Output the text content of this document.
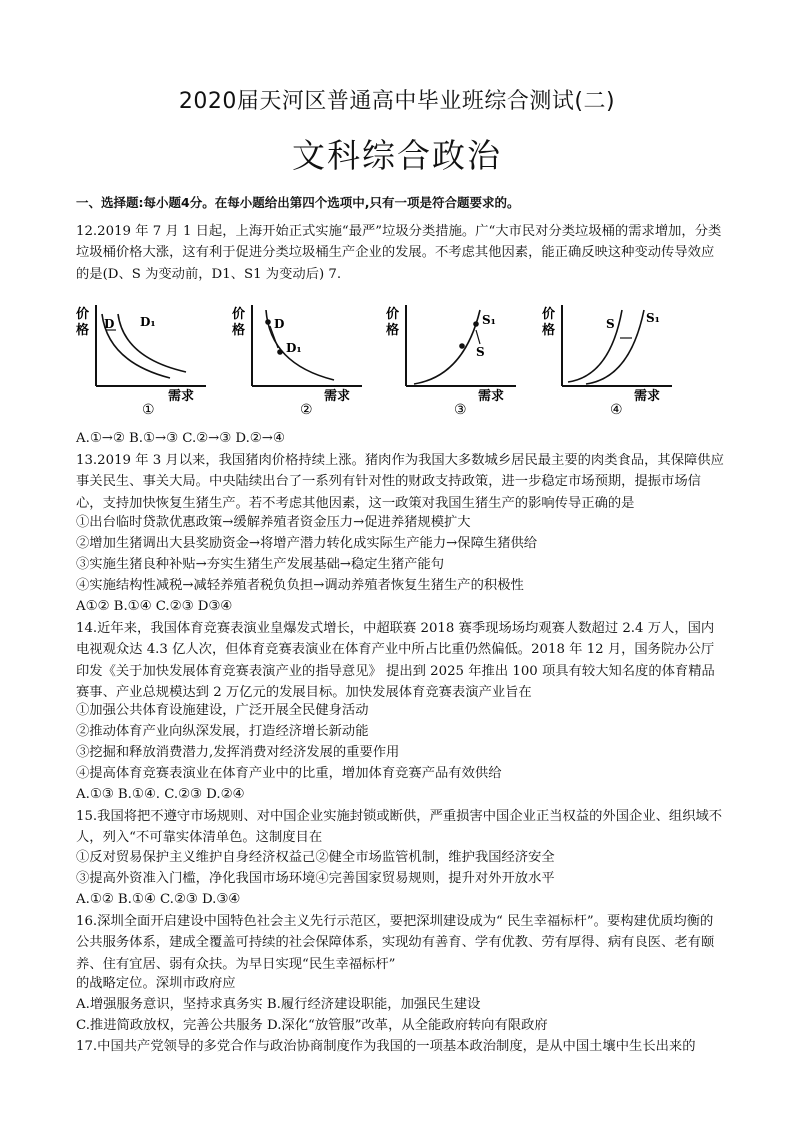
2020届天河区普通高中毕业班综合测试(二)
文科综合政治
一、选择题:每小题4分。在每小题给出第四个选项中,只有一项是符合题要求的。
12.2019 年 7 月 1 日起，上海开始正式实施“最严”垃圾分类措施。广“大市民对分类垃圾桶的需求增加，分类垃圾桶价格大涨，这有利于促进分类垃圾桶生产企业的发展。不考虑其他因素，能正确反映这种变动传导效应的是(D、S 为变动前，D1、S1 为变动后) 7.
价
格 D D₁
需求
①
价
格 D
D₁
需求
②
价
格
S₁
S
需求
③
价
格	S	S₁
需求
④
A.①→② B.①→③ C.②→③ D.②→④
13.2019 年 3 月以来，我国猪肉价格持续上涨。猪肉作为我国大多数城乡居民最主要的肉类食品，其保障供应事关民生、事关大局。中央陆续出台了一系列有针对性的财政支持政策，进一步稳定市场预期，提振市场信心，支持加快恢复生猪生产。若不考虑其他因素，这一政策对我国生猪生产的影响传导正确的是
①出台临时贷款优惠政策→缓解养殖者资金压力→促进养猪规模扩大
②增加生猪调出大县奖励资金→将增产潜力转化成实际生产能力→保障生猪供给
③实施生猪良种补贴→夯实生猪生产发展基础→稳定生猪产能句
④实施结构性减税→减轻养殖者税负负担→调动养殖者恢复生猪生产的积极性
A①② B.①④ C.②③ D③④
14.近年来，我国体育竞赛表演业皇爆发式增长，中超联赛 2018 赛季现场场均观赛人数超过 2.4 万人，国内电视观众达 4.3 亿人次，但体育竞赛表演业在体育产业中所占比重仍然偏低。2018 年 12 月，国务院办公厅印发《关于加快发展体育竞赛表演产业的指导意见》 提出到 2025 年推出 100 项具有较大知名度的体育精品赛事、产业总规模达到 2 万亿元的发展目标。加快发展体育竞赛表演产业旨在
①加强公共体育设施建设，广泛开展全民健身活动
②推动体育产业向纵深发展，打造经济增长新动能
③挖掘和释放消费潜力,发挥消费对经济发展的重要作用
④提高体育竞赛表演业在体育产业中的比重，增加体育竞赛产品有效供给
A.①③ B.①④. C.②③ D.②④
15.我国将把不遵守市场规则、对中国企业实施封锁或断供，严重损害中国企业正当权益的外国企业、组织域不人，列入“不可靠实体清单色。这制度目在
①反对贸易保护主义维护自身经济权益己②健全市场监管机制，维护我国经济安全
③提高外资准入门槛，净化我国市场环境④完善国家贸易规则，提升对外开放水平
A.①② B.①④ C.②③ D.③④
16.深圳全面开启建设中国特色社会主义先行示范区，要把深圳建设成为“ 民生幸福标杆”。要构建优质均衡的公共服务体系，建成全覆盖可持续的社会保障体系，实现幼有善育、学有优教、劳有厚得、病有良医、老有颐养、住有宜居、弱有众扶。为早日实现“民生幸福标杆”
的战略定位。深圳市政府应
A.增强服务意识，坚持求真务实 B.履行经济建设职能，加强民生建设
C.推进简政放权，完善公共服务 D.深化“放管服”改革，从全能政府转向有限政府
17.中国共产党领导的多党合作与政治协商制度作为我国的一项基本政治制度，是从中国土壤中生长出来的
